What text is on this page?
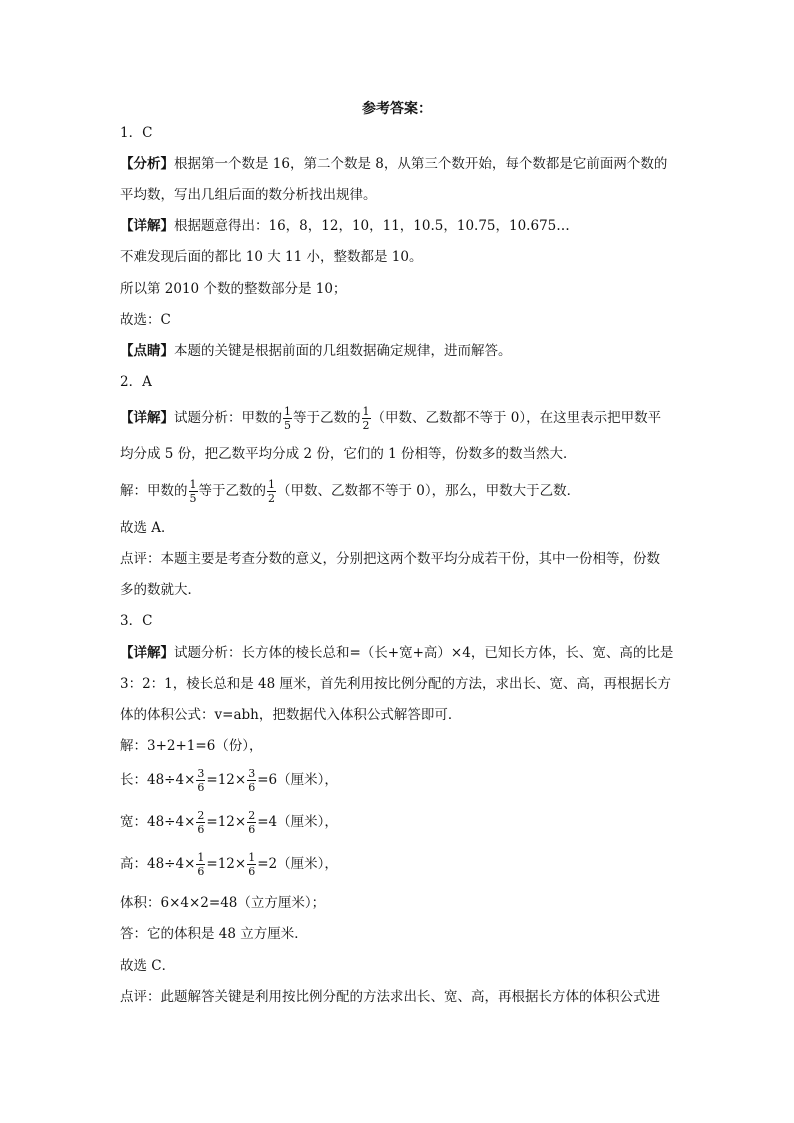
参考答案：
1．C
【分析】根据第一个数是 16，第二个数是 8，从第三个数开始，每个数都是它前面两个数的
平均数，写出几组后面的数分析找出规律。
【详解】根据题意得出：16，8，12，10，11，10.5，10.75，10.675…
不难发现后面的都比 10 大 11 小，整数都是 10。
所以第 2010 个数的整数部分是 10；
故选：C
【点睛】本题的关键是根据前面的几组数据确定规律，进而解答。
2．A
【详解】试题分析：甲数的 $\frac{1}{5}$ 等于乙数的 $\frac{1}{2}$ （甲数、乙数都不等于 0），在这里表示把甲数平
均分成 5 份，把乙数平均分成 2 份，它们的 1 份相等，份数多的数当然大．
解：甲数的 $\frac{1}{5}$ 等于乙数的 $\frac{1}{2}$ （甲数、乙数都不等于 0），那么，甲数大于乙数．
故选 A．
点评：本题主要是考查分数的意义，分别把这两个数平均分成若干份，其中一份相等，份数
多的数就大．
3．C
【详解】试题分析：长方体的棱长总和=（长+宽+高）×4，已知长方体，长、宽、高的比是
3：2：1，棱长总和是 48 厘米，首先利用按比例分配的方法，求出长、宽、高，再根据长方
体的体积公式：v=abh，把数据代入体积公式解答即可．
解：3+2+1=6（份），
长：$48\div 4\times \frac{3}{6} =12\times \frac{3}{6} =6$（厘米），
宽：$48\div 4\times \frac{2}{6} =12\times \frac{2}{6} =4$（厘米），
高：$48\div 4\times \frac{1}{6} =12\times \frac{1}{6} =2$（厘米），
体积：6×4×2=48（立方厘米）；
答：它的体积是 48 立方厘米．
故选 C．
点评：此题解答关键是利用按比例分配的方法求出长、宽、高，再根据长方体的体积公式进
